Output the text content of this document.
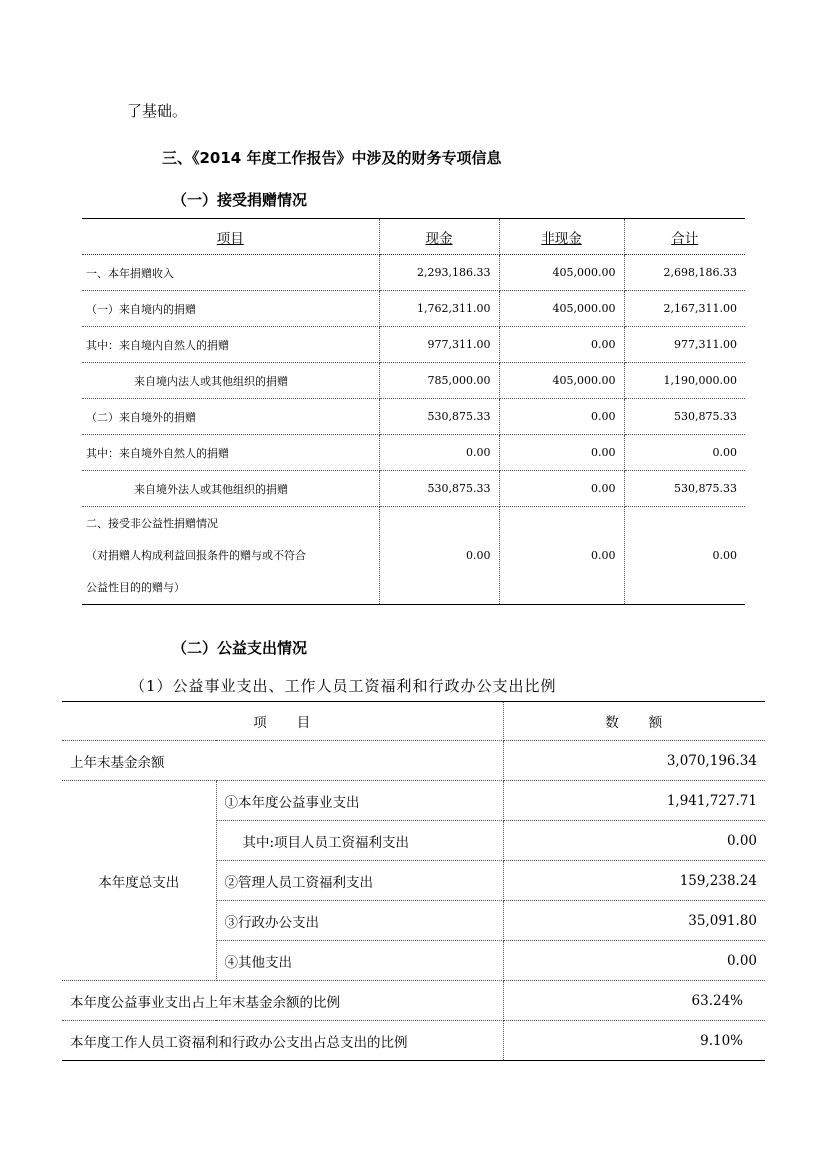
了基础。
三、《2014 年度工作报告》中涉及的财务专项信息
（一）接受捐赠情况
项目	现金	非现金	合计
一、本年捐赠收入	2,293,186.33	405,000.00	2,698,186.33
（一）来自境内的捐赠	1,762,311.00	405,000.00	2,167,311.00
其中：来自境内自然人的捐赠	977,311.00	0.00	977,311.00
来自境内法人或其他组织的捐赠	785,000.00	405,000.00	1,190,000.00
（二）来自境外的捐赠	530,875.33	0.00	530,875.33
其中：来自境外自然人的捐赠	0.00	0.00	0.00
来自境外法人或其他组织的捐赠	530,875.33	0.00	530,875.33

二、接受非公益性捐赠情况
（对捐赠人构成利益回报条件的赠与或不符合
公益性目的的赠与）	0.00	0.00	0.00
（二）公益支出情况
（1）公益事业支出、工作人员工资福利和行政办公支出比例
项　　目		数　　额
上年末基金余额		3,070,196.34
本年度总支出	①本年度公益事业支出	1,941,727.71
	其中:项目人员工资福利支出	0.00
	②管理人员工资福利支出	159,238.24
	③行政办公支出	35,091.80
	④其他支出	0.00
本年度公益事业支出占上年末基金余额的比例		63.24%
本年度工作人员工资福利和行政办公支出占总支出的比例		9.10%
